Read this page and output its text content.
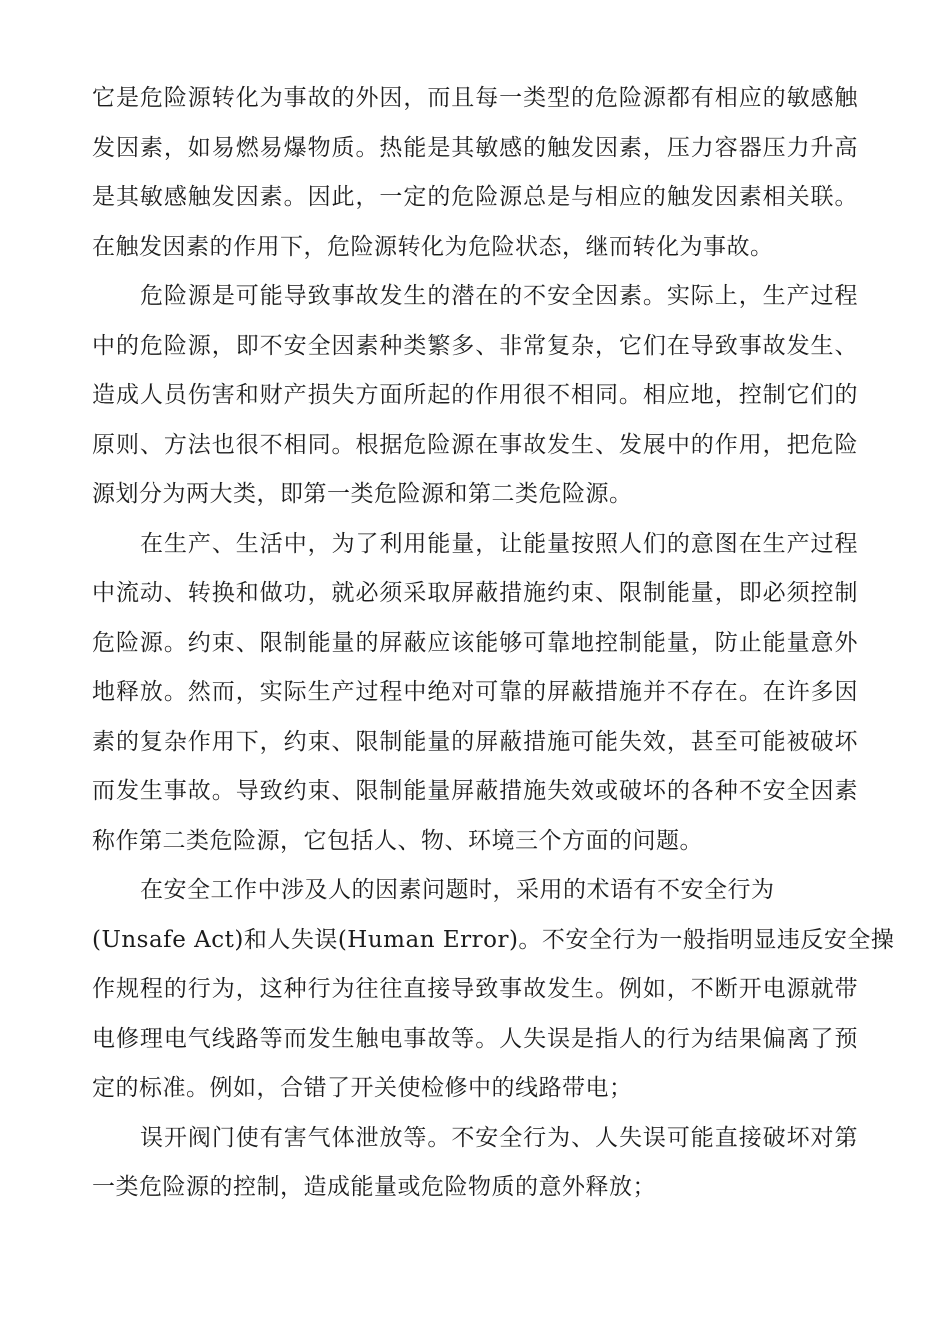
它是危险源转化为事故的外因，而且每一类型的危险源都有相应的敏感触
发因素，如易燃易爆物质。热能是其敏感的触发因素，压力容器压力升高
是其敏感触发因素。因此，一定的危险源总是与相应的触发因素相关联。
在触发因素的作用下，危险源转化为危险状态，继而转化为事故。
危险源是可能导致事故发生的潜在的不安全因素。实际上，生产过程
中的危险源，即不安全因素种类繁多、非常复杂，它们在导致事故发生、
造成人员伤害和财产损失方面所起的作用很不相同。相应地，控制它们的
原则、方法也很不相同。根据危险源在事故发生、发展中的作用，把危险
源划分为两大类，即第一类危险源和第二类危险源。
在生产、生活中，为了利用能量，让能量按照人们的意图在生产过程
中流动、转换和做功，就必须采取屏蔽措施约束、限制能量，即必须控制
危险源。约束、限制能量的屏蔽应该能够可靠地控制能量，防止能量意外
地释放。然而，实际生产过程中绝对可靠的屏蔽措施并不存在。在许多因
素的复杂作用下，约束、限制能量的屏蔽措施可能失效，甚至可能被破坏
而发生事故。导致约束、限制能量屏蔽措施失效或破坏的各种不安全因素
称作第二类危险源，它包括人、物、环境三个方面的问题。
在安全工作中涉及人的因素问题时，采用的术语有不安全行为
(Unsafe Act)和人失误(Human Error)。不安全行为一般指明显违反安全操
作规程的行为，这种行为往往直接导致事故发生。例如，不断开电源就带
电修理电气线路等而发生触电事故等。人失误是指人的行为结果偏离了预
定的标准。例如，合错了开关使检修中的线路带电；
误开阀门使有害气体泄放等。不安全行为、人失误可能直接破坏对第
一类危险源的控制，造成能量或危险物质的意外释放；
